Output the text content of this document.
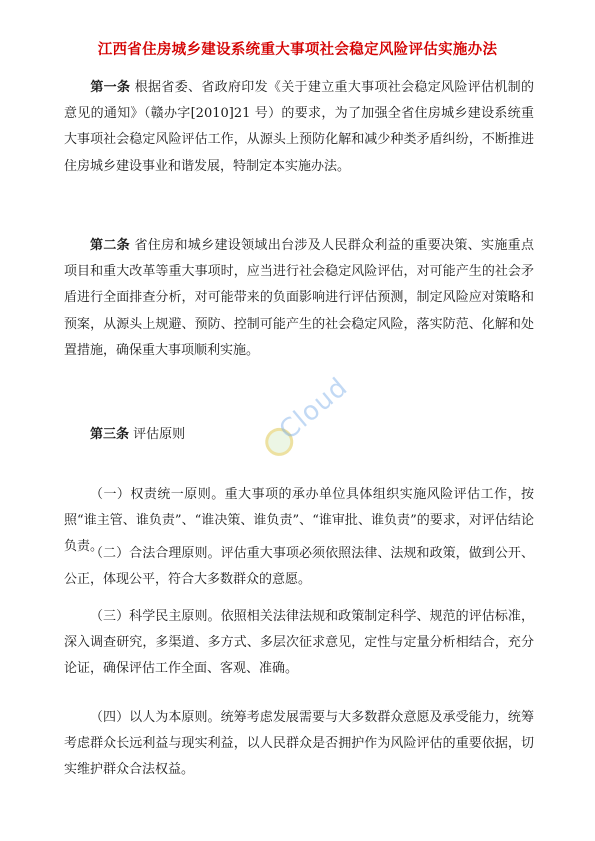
江西省住房城乡建设系统重大事项社会稳定风险评估实施办法
第一条 根据省委、省政府印发《关于建立重大事项社会稳定风险评估机制的意见的通知》（赣办字[2010]21 号）的要求，为了加强全省住房城乡建设系统重大事项社会稳定风险评估工作，从源头上预防化解和减少种类矛盾纠纷，不断推进住房城乡建设事业和谐发展，特制定本实施办法。
第二条 省住房和城乡建设领域出台涉及人民群众利益的重要决策、实施重点项目和重大改革等重大事项时，应当进行社会稳定风险评估，对可能产生的社会矛盾进行全面排查分析，对可能带来的负面影响进行评估预测，制定风险应对策略和预案，从源头上规避、预防、控制可能产生的社会稳定风险，落实防范、化解和处置措施，确保重大事项顺利实施。
第三条 评估原则
（一）权责统一原则。重大事项的承办单位具体组织实施风险评估工作，按照“谁主管、谁负责”、“谁决策、谁负责”、“谁审批、谁负责”的要求，对评估结论负责。
（二）合法合理原则。评估重大事项必须依照法律、法规和政策，做到公开、公正，体现公平，符合大多数群众的意愿。
（三）科学民主原则。依照相关法律法规和政策制定科学、规范的评估标准，深入调查研究，多渠道、多方式、多层次征求意见，定性与定量分析相结合，充分论证，确保评估工作全面、客观、准确。
（四）以人为本原则。统筹考虑发展需要与大多数群众意愿及承受能力，统筹考虑群众长远利益与现实利益，以人民群众是否拥护作为风险评估的重要依据，切实维护群众合法权益。
Cloud
